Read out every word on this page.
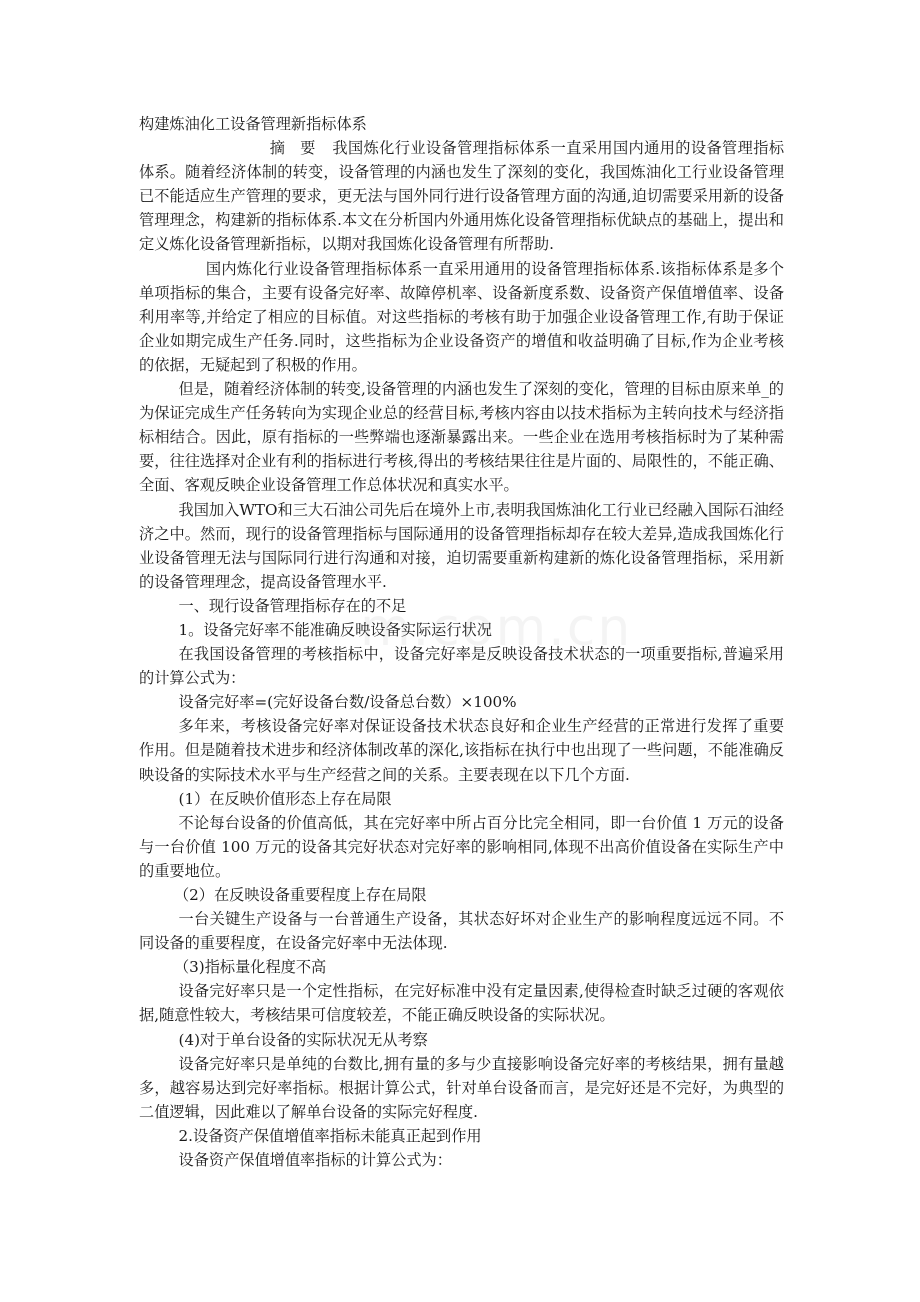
构建炼油化工设备管理新指标体系

摘　要 我国炼化行业设备管理指标体系一直采用国内通用的设备管理指标体系。随着经济体制的转变，设备管理的内涵也发生了深刻的变化，我国炼油化工行业设备管理已不能适应生产管理的要求，更无法与国外同行进行设备管理方面的沟通,迫切需要采用新的设备管理理念，构建新的指标体系.本文在分析国内外通用炼化设备管理指标优缺点的基础上，提出和定义炼化设备管理新指标，以期对我国炼化设备管理有所帮助.

国内炼化行业设备管理指标体系一直采用通用的设备管理指标体系.该指标体系是多个单项指标的集合，主要有设备完好率、故障停机率、设备新度系数、设备资产保值增值率、设备利用率等,并给定了相应的目标值。对这些指标的考核有助于加强企业设备管理工作,有助于保证企业如期完成生产任务.同时，这些指标为企业设备资产的增值和收益明确了目标,作为企业考核的依据，无疑起到了积极的作用。

但是，随着经济体制的转变,设备管理的内涵也发生了深刻的变化，管理的目标由原来单_的为保证完成生产任务转向为实现企业总的经营目标,考核内容由以技术指标为主转向技术与经济指标相结合。因此，原有指标的一些弊端也逐渐暴露出来。一些企业在选用考核指标时为了某种需要，往往选择对企业有利的指标进行考核,得出的考核结果往往是片面的、局限性的，不能正确、全面、客观反映企业设备管理工作总体状况和真实水平。

我国加入WTO和三大石油公司先后在境外上市,表明我国炼油化工行业已经融入国际石油经济之中。然而，现行的设备管理指标与国际通用的设备管理指标却存在较大差异,造成我国炼化行业设备管理无法与国际同行进行沟通和对接，迫切需要重新构建新的炼化设备管理指标，采用新的设备管理理念，提高设备管理水平.

一、现行设备管理指标存在的不足

1。设备完好率不能准确反映设备实际运行状况

在我国设备管理的考核指标中，设备完好率是反映设备技术状态的一项重要指标,普遍采用的计算公式为：

设备完好率=(完好设备台数/设备总台数）×100%

多年来，考核设备完好率对保证设备技术状态良好和企业生产经营的正常进行发挥了重要作用。但是随着技术进步和经济体制改革的深化,该指标在执行中也出现了一些问题，不能准确反映设备的实际技术水平与生产经营之间的关系。主要表现在以下几个方面.

(1）在反映价值形态上存在局限

不论每台设备的价值高低，其在完好率中所占百分比完全相同，即一台价值 1 万元的设备与一台价值 100 万元的设备其完好状态对完好率的影响相同,体现不出高价值设备在实际生产中的重要地位。

（2）在反映设备重要程度上存在局限

一台关键生产设备与一台普通生产设备，其状态好坏对企业生产的影响程度远远不同。不同设备的重要程度，在设备完好率中无法体现.

（3)指标量化程度不高

设备完好率只是一个定性指标，在完好标准中没有定量因素,使得检查时缺乏过硬的客观依据,随意性较大，考核结果可信度较差，不能正确反映设备的实际状况。

(4)对于单台设备的实际状况无从考察

设备完好率只是单纯的台数比,拥有量的多与少直接影响设备完好率的考核结果，拥有量越多，越容易达到完好率指标。根据计算公式，针对单台设备而言，是完好还是不完好，为典型的二值逻辑，因此难以了解单台设备的实际完好程度.

2.设备资产保值增值率指标未能真正起到作用

设备资产保值增值率指标的计算公式为：
